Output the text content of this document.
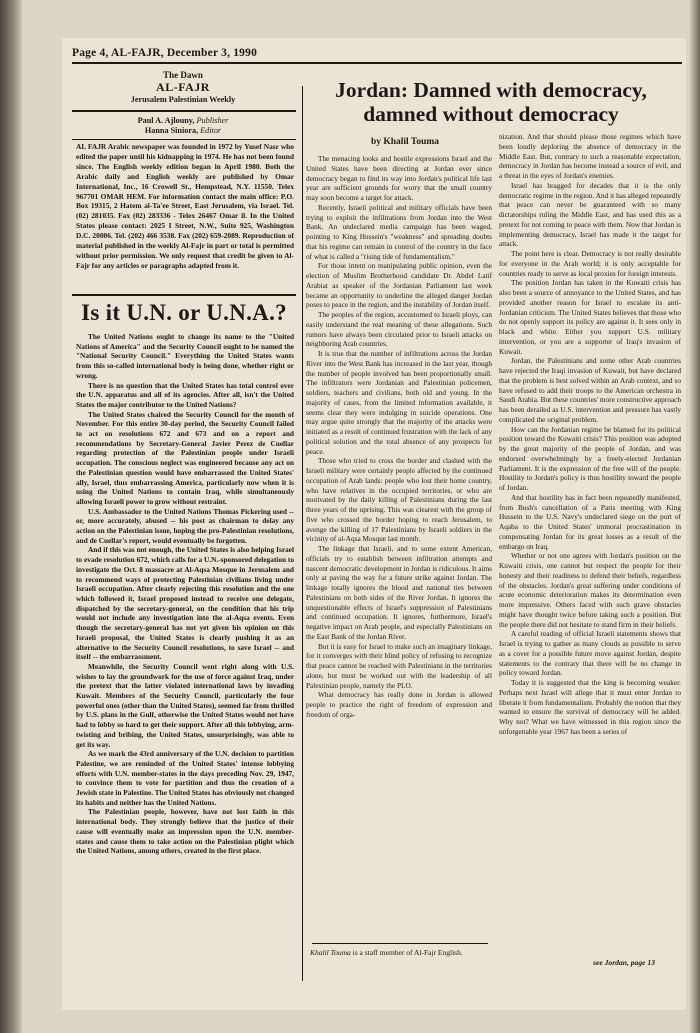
Page 4, AL-FAJR, December 3, 1990
The Dawn
AL-FAJR
Jerusalem Palestinian Weekly
Paul A. Ajlouny, Publisher
Hanna Siniora, Editor

AL FAJR Arabic newspaper was founded in 1972 by Yusef Nasr who edited the paper until his kidnapping in 1974. He has not been found since. The English weekly edition began in April 1980. Both the Arabic daily and English weekly are published by Omar International, Inc., 16 Crowell St., Hempstead, N.Y. 11550. Telex 967701 OMAR HEM. For information contact the main office: P.O. Box 19315, 2 Hatem al-Ta'ee Street, East Jerusalem, via Israel. Tel. (02) 281035. Fax (02) 283336 - Telex 26467 Omar il. In the United States please contact: 2025 I Street, N.W., Suite 925, Washington D.C. 20006. Tel. (202) 466 3538. Fax (202) 659-2089. Reproduction of material published in the weekly Al-Fajr in part or total is permitted without prior permission. We only request that credit be given to Al-Fajr for any articles or paragraphs adapted from it.

Is it U.N. or U.N.A.?

The United Nations ought to change its name to the "United Nations of America" and the Security Council ought to be named the "National Security Council." Everything the United States wants from this so-called international body is being done, whether right or wrong.

There is no question that the United States has total control over the U.N. apparatus and all of its agencies. After all, isn't the United States the major contributor to the United Nations?

The United States chaired the Security Council for the month of November. For this entire 30-day period, the Security Council failed to act on resolutions 672 and 673 and on a report and recommendations by Secretary-General Javier Perez de Cuellar regarding protection of the Palestinian people under Israeli occupation. The conscious neglect was engineered because any act on the Palestinian question would have embarrassed the United States' ally, Israel, thus embarrassing America, particularly now when it is using the United Nations to contain Iraq, while simultaneously allowing Israeli power to grow without restraint.

U.S. Ambassador to the United Nations Thomas Pickering used -- or, more accurately, abused -- his post as chairman to delay any action on the Palestinian issue, hoping the pro-Palestinian resolutions, and de Cuellar's report, would eventually be forgotten.

And if this was not enough, the United States is also helping Israel to evade resolution 672, which calls for a U.N.-sponsored delegation to investigate the Oct. 8 massacre at Al-Aqsa Mosque in Jerusalem and to recommend ways of protecting Palestinian civilians living under Israeli occupation. After clearly rejecting this resolution and the one which followed it, Israel proposed instead to receive one delegate, dispatched by the secretary-general, on the condition that his trip would not include any investigation into the al-Aqsa events. Even though the secretary-general has not yet given his opinion on this Israeli proposal, the United States is clearly pushing it as an alternative to the Security Council resolutions, to save Israel -- and itself -- the embarrassment.

Meanwhile, the Security Council went right along with U.S. wishes to lay the groundwork for the use of force against Iraq, under the pretext that the latter violated international laws by invading Kuwait. Members of the Security Council, particularly the four powerful ones (other than the United States), seemed far from thrilled by U.S. plans in the Gulf, otherwise the United States would not have had to lobby so hard to get their support. After all this lobbying, arm-twisting and bribing, the United States, unsurprisingly, was able to get its way.

As we mark the 43rd anniversary of the U.N. decision to partition Palestine, we are reminded of the United States' intense lobbying efforts with U.N. member-states in the days preceding Nov. 29, 1947, to convince them to vote for partition and thus the creation of a Jewish state in Palestine. The United States has obviously not changed its habits and neither has the United Nations.

The Palestinian people, however, have not lost faith in this international body. They strongly believe that the justice of their cause will eventually make an impression upon the U.N. member-states and cause them to take action on the Palestinian plight which the United Nations, among others, created in the first place.

Jordan: Damned with democracy, damned without democracy
by Khalil Touma

The menacing looks and hostile expressions Israel and the United States have been directing at Jordan ever since democracy began to find its way into Jordan's political life last year are sufficient grounds for worry that the small country may soon become a target for attack.

Recently, Israeli political and military officials have been trying to exploit the infiltrations from Jordan into the West Bank. An undeclared media campaign has been waged, pointing to King Hussein's "weakness" and spreading doubts that his regime can remain in control of the country in the face of what is called a "rising tide of fundamentalism."

For those intent on manipulating public opinion, even the election of Muslim Brotherhood candidate Dr. Abdel Latif Arabiat as speaker of the Jordanian Parliament last week became an opportunity to underline the alleged danger Jordan poses to peace in the region, and the instability of Jordan itself.

The peoples of the region, accustomed to Israeli ploys, can easily understand the real meaning of these allegations. Such rumors have always been circulated prior to Israeli attacks on neighboring Arab countries.

It is true that the number of infiltrations across the Jordan River into the West Bank has increased in the last year, though the number of people involved has been proportionally small. The infiltrators were Jordanian and Palestinian policemen, soldiers, teachers and civilians, both old and young. In the majority of cases, from the limited information available, it seems clear they were indulging in suicide operations. One may argue quite strongly that the majority of the attacks were initiated as a result of continued frustration with the lack of any political solution and the total absence of any prospects for peace.

Those who tried to cross the border and clashed with the Israeli military were certainly people affected by the continued occupation of Arab lands: people who lost their home country, who have relatives in the occupied territories, or who are motivated by the daily killing of Palestinians during the last three years of the uprising. This was clearest with the group of five who crossed the border hoping to reach Jerusalem, to avenge the killing of 17 Palestinians by Israeli soldiers in the vicinity of al-Aqsa Mosque last month.

The linkage that Israeli, and to some extent American, officials try to establish between infiltration attempts and nascent democratic development in Jordan is ridiculous. It aims only at paving the way for a future strike against Jordan. The linkage totally ignores the blood and national ties between Palestinians on both sides of the River Jordan. It ignores the unquestionable effects of Israel's suppression of Palestinians and continued occupation. It ignores, furthermore, Israel's negative impact on Arab people, and especially Palestinians on the East Bank of the Jordan River.

But it is easy for Israel to make such an imaginary linkage, for it converges with their blind policy of refusing to recognize that peace cannot be reached with Palestinians in the territories alone, but must be worked out with the leadership of all Palestinian people, namely the PLO.

What democracy has really done in Jordan is allowed people to practice the right of freedom of expression and freedom of orga-

Khalil Touma is a staff member of Al-Fajr English.

nization. And that should please those regimes which have been loudly deploring the absence of democracy in the Middle East. But, contrary to such a reasonable expectation, democracy in Jordan has become instead a source of evil, and a threat in the eyes of Jordan's enemies.

Israel has bragged for decades that it is the only democratic regime in the region. And it has alleged repeatedly that peace can never be guaranteed with so many dictatorships ruling the Middle East, and has used this as a pretext for not coming to peace with them. Now that Jordan is implementing democracy, Israel has made it the target for attack.

The point here is clear. Democracy is not really desirable for everyone in the Arab world; it is only acceptable for countries ready to serve as local proxies for foreign interests.

The position Jordan has taken in the Kuwaiti crisis has also been a source of annoyance to the United States, and has provided another reason for Israel to escalate its anti-Jordanian criticism. The United States believes that those who do not openly support its policy are against it. It sees only in black and white. Either you support U.S. military intervention, or you are a supporter of Iraq's invasion of Kuwait.

Jordan, the Palestinians and some other Arab countries have rejected the Iraqi invasion of Kuwait, but have declared that the problem is best solved within an Arab context, and so have refused to add their troops to the American orchestra in Saudi Arabia. But these countries' more constructive approach has been derailed as U.S. intervention and pressure has vastly complicated the original problem.

How can the Jordanian regime be blamed for its political position toward the Kuwaiti crisis? This position was adopted by the great majority of the people of Jordan, and was endorsed overwhelmingly by a freely-elected Jordanian Parliament. It is the expression of the free will of the people. Hostility to Jordan's policy is thus hostility toward the people of Jordan.

And that hostility has in fact been repeatedly manifested, from Bush's cancellation of a Paris meeting with King Hussein to the U.S. Navy's undeclared siege on the port of Aqaba to the United States' immoral procrastination in compensating Jordan for its great losses as a result of the embargo on Iraq.

Whether or not one agrees with Jordan's position on the Kuwaiti crisis, one cannot but respect the people for their honesty and their readiness to defend their beliefs, regardless of the obstacles. Jordan's great suffering under conditions of acute economic deterioration makes its determination even more impressive. Others faced with such grave obstacles might have thought twice before taking such a position. But the people there did not hesitate to stand firm in their beliefs.

A careful reading of official Israeli statements shows that Israel is trying to gather as many clouds as possible to serve as a cover for a possible future move against Jordan, despite statements to the contrary that there will be no change in policy toward Jordan.

Today it is suggested that the king is becoming weaker. Perhaps next Israel will allege that it must enter Jordan to liberate it from fundamentalism. Probably the notion that they wanted to ensure the survival of democracy will be added. Why not? What we have witnessed in this region since the unforgettable year 1967 has been a series of

see Jordan, page 13
